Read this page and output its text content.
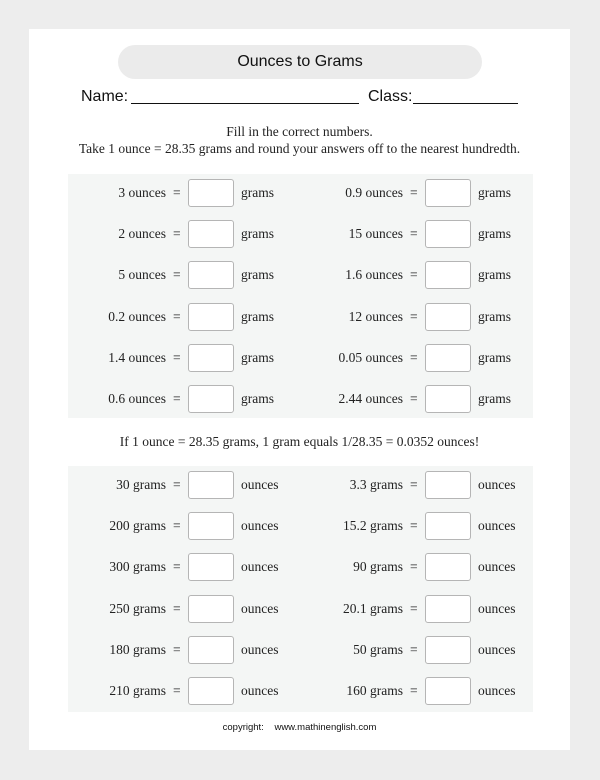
Ounces to Grams
Name:	Class:
Fill in the correct numbers.
Take 1 ounce = 28.35 grams and round your answers off to the nearest hundredth.
3 ounces =	grams
2 ounces =	grams
5 ounces =	grams
0.2 ounces =	grams
1.4 ounces =	grams
0.6 ounces =	grams
0.9 ounces =	grams
15 ounces =	grams
1.6 ounces =	grams
12 ounces =	grams
0.05 ounces =	grams
2.44 ounces =	grams
If 1 ounce = 28.35 grams, 1 gram equals 1/28.35 = 0.0352 ounces!
30 grams =	ounces
200 grams =	ounces
300 grams =	ounces
250 grams =	ounces
180 grams =	ounces
210 grams =	ounces
3.3 grams =	ounces
15.2 grams =	ounces
90 grams =	ounces
20.1 grams =	ounces
50 grams =	ounces
160 grams =	ounces
copyright: www.mathinenglish.com
